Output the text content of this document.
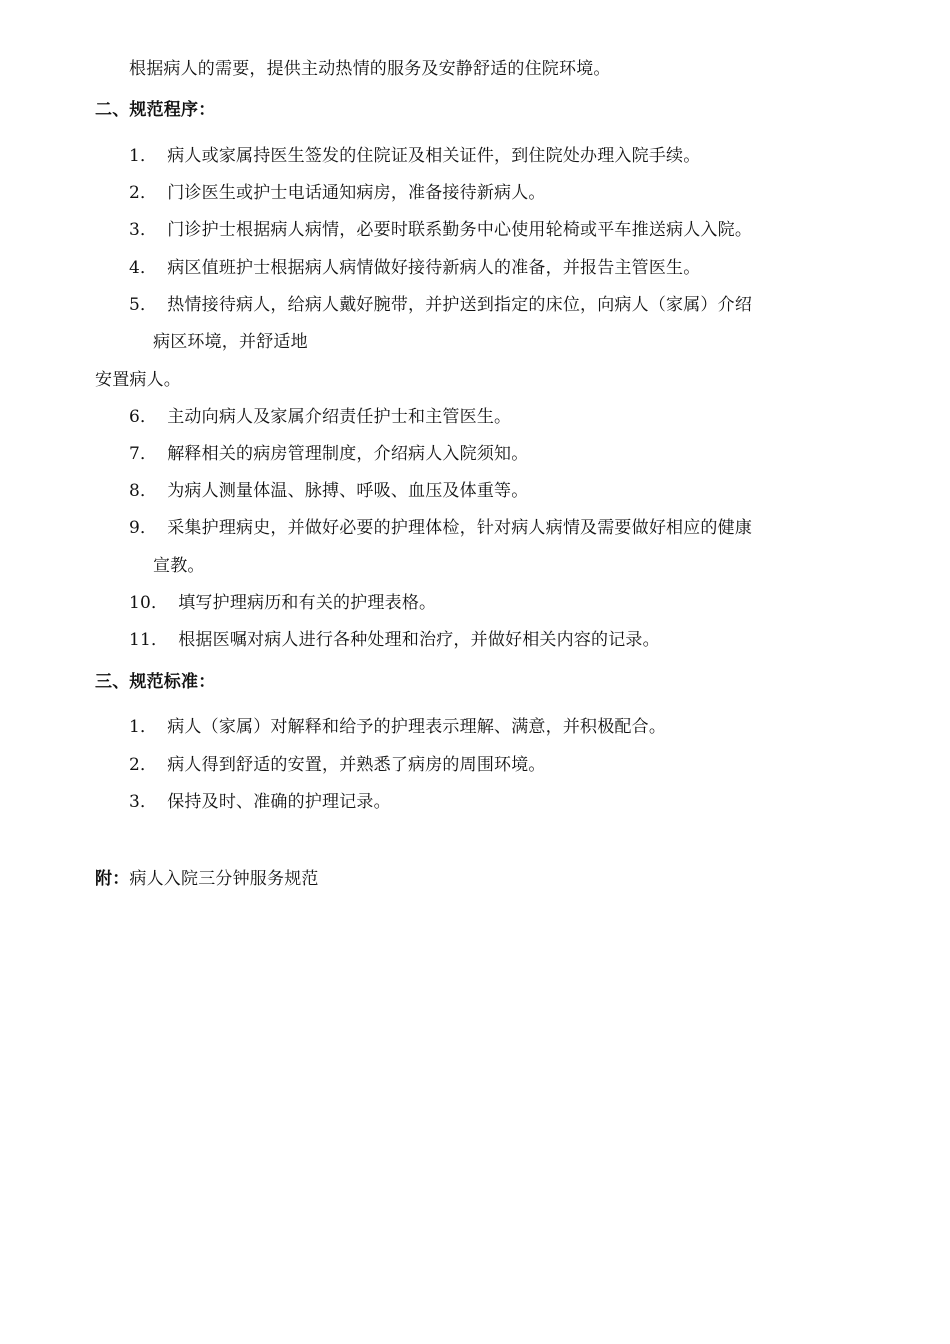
根据病人的需要，提供主动热情的服务及安静舒适的住院环境。
二、规范程序：
1． 病人或家属持医生签发的住院证及相关证件，到住院处办理入院手续。
2． 门诊医生或护士电话通知病房，准备接待新病人。
3． 门诊护士根据病人病情，必要时联系勤务中心使用轮椅或平车推送病人入院。
4． 病区值班护士根据病人病情做好接待新病人的准备，并报告主管医生。
5． 热情接待病人，给病人戴好腕带，并护送到指定的床位，向病人（家属）介绍
病区环境，并舒适地
安置病人。
6． 主动向病人及家属介绍责任护士和主管医生。
7． 解释相关的病房管理制度，介绍病人入院须知。
8． 为病人测量体温、脉搏、呼吸、血压及体重等。
9． 采集护理病史，并做好必要的护理体检，针对病人病情及需要做好相应的健康
宣教。
10． 填写护理病历和有关的护理表格。
11． 根据医嘱对病人进行各种处理和治疗，并做好相关内容的记录。
三、规范标准：
1． 病人（家属）对解释和给予的护理表示理解、满意，并积极配合。
2． 病人得到舒适的安置，并熟悉了病房的周围环境。
3． 保持及时、准确的护理记录。
附：病人入院三分钟服务规范
